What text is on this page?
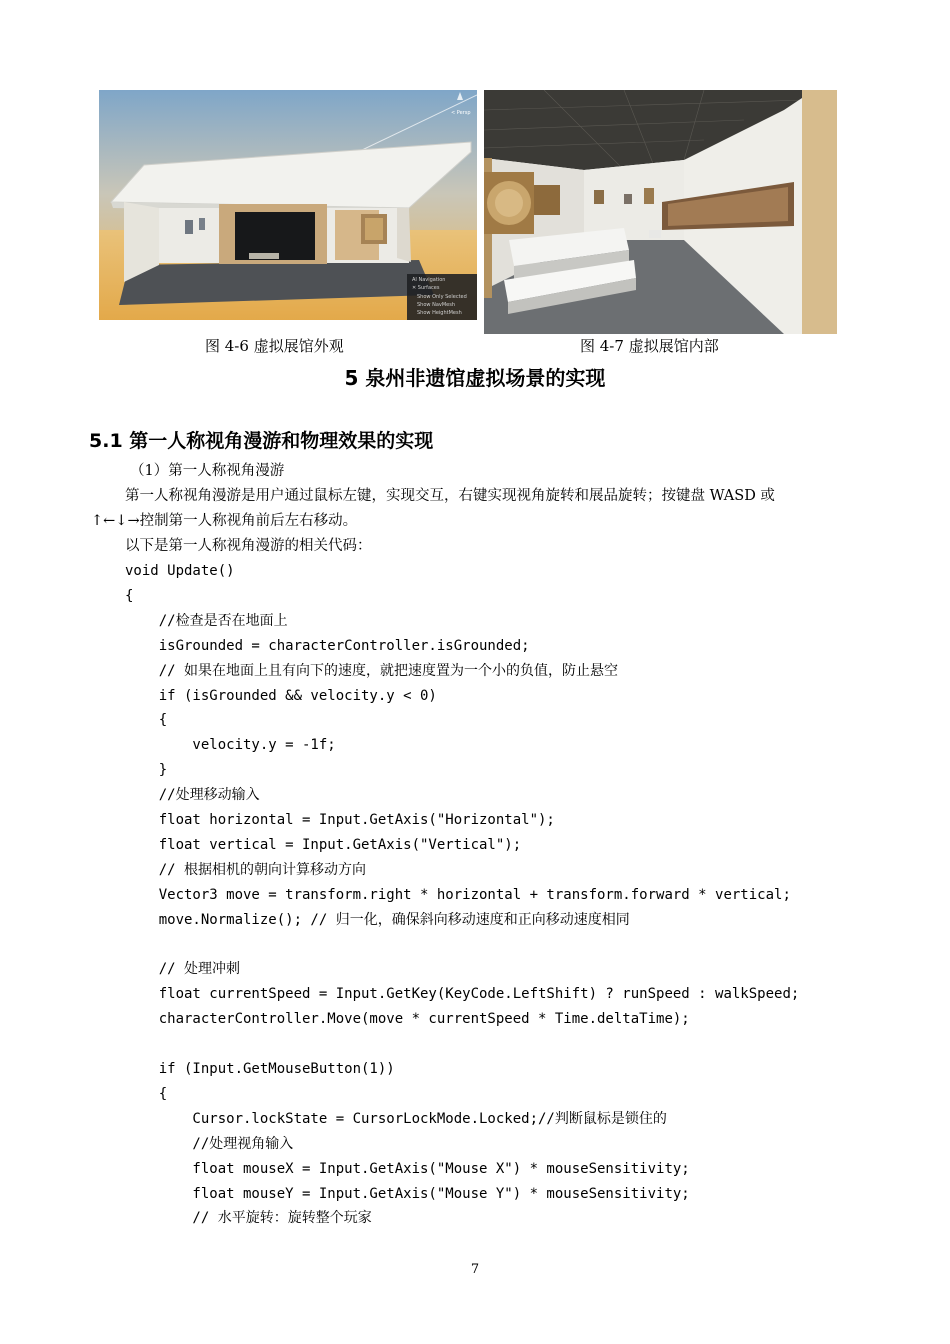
AI Navigation
✕ Surfaces
Show Only Selected
Show NavMesh
Show HeightMesh
< Persp
图 4-6 虚拟展馆外观	图 4-7 虚拟展馆内部
5 泉州非遗馆虚拟场景的实现
5.1 第一人称视角漫游和物理效果的实现
（1）第一人称视角漫游
第一人称视角漫游是用户通过鼠标左键，实现交互，右键实现视角旋转和展品旋转；按键盘 WASD 或
↑←↓→控制第一人称视角前后左右移动。
以下是第一人称视角漫游的相关代码：
void Update()
{
//检查是否在地面上
isGrounded = characterController.isGrounded;
// 如果在地面上且有向下的速度，就把速度置为一个小的负值，防止悬空
if (isGrounded && velocity.y < 0)
{
velocity.y = -1f;
}
//处理移动输入
float horizontal = Input.GetAxis("Horizontal");
float vertical = Input.GetAxis("Vertical");
// 根据相机的朝向计算移动方向
Vector3 move = transform.right * horizontal + transform.forward * vertical;
move.Normalize(); // 归一化，确保斜向移动速度和正向移动速度相同
// 处理冲刺
float currentSpeed = Input.GetKey(KeyCode.LeftShift) ? runSpeed : walkSpeed;
characterController.Move(move * currentSpeed * Time.deltaTime);
if (Input.GetMouseButton(1))
{
Cursor.lockState = CursorLockMode.Locked;//判断鼠标是锁住的
//处理视角输入
float mouseX = Input.GetAxis("Mouse X") * mouseSensitivity;
float mouseY = Input.GetAxis("Mouse Y") * mouseSensitivity;
// 水平旋转：旋转整个玩家
7
